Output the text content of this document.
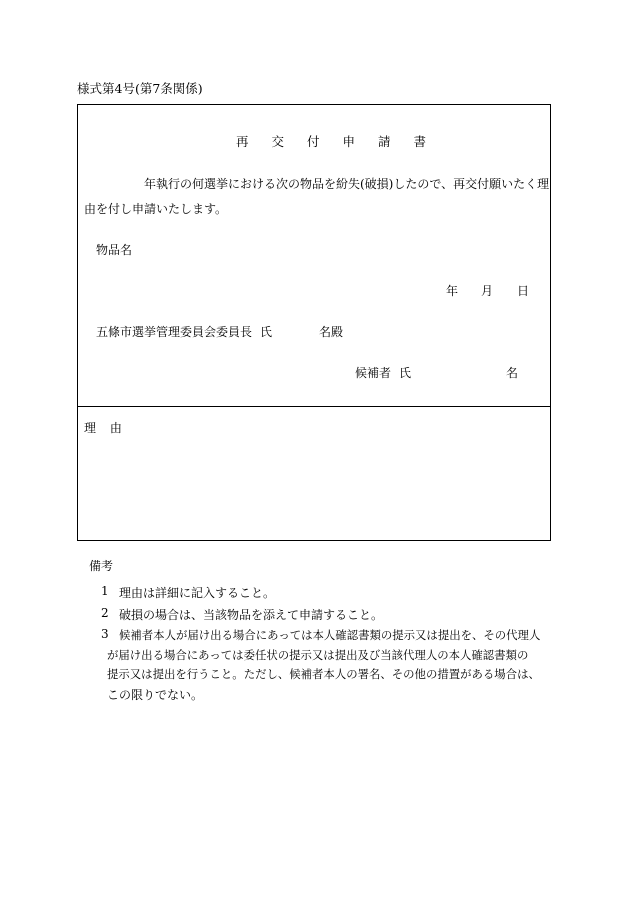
様式第4号(第7条関係)
再交付申請書
年執行の何選挙における次の物品を紛失(破損)したので、再交付願いたく理
由を付し申請いたします。
物品名
年 月 日
五條市選挙管理委員会委員長 氏	名殿
候補者 氏	名
理 由
備考
1 理由は詳細に記入すること。
2 破損の場合は、当該物品を添えて申請すること。
3 候補者本人が届け出る場合にあっては本人確認書類の提示又は提出を、その代理人
が届け出る場合にあっては委任状の提示又は提出及び当該代理人の本人確認書類の
提示又は提出を行うこと。ただし、候補者本人の署名、その他の措置がある場合は、
この限りでない。
